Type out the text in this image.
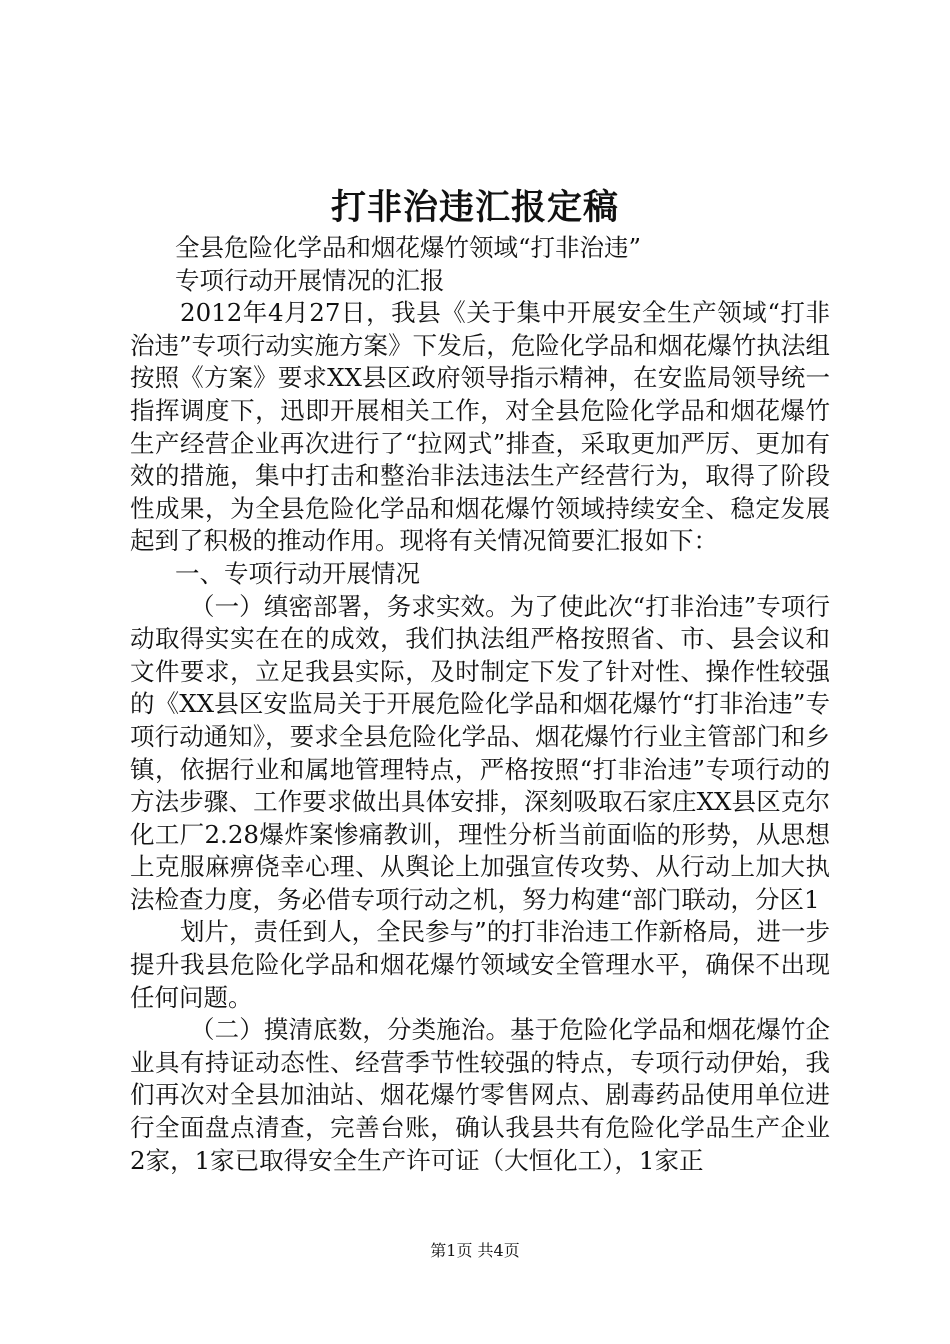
打非治违汇报定稿

全县危险化学品和烟花爆竹领域“打非治违”

专项行动开展情况的汇报

2012年4月27日，我县《关于集中开展安全生产领域“打非治违”专项行动实施方案》下发后，危险化学品和烟花爆竹执法组按照《方案》要求XX县区政府领导指示精神，在安监局领导统一指挥调度下，迅即开展相关工作，对全县危险化学品和烟花爆竹生产经营企业再次进行了“拉网式”排查，采取更加严厉、更加有效的措施，集中打击和整治非法违法生产经营行为，取得了阶段性成果，为全县危险化学品和烟花爆竹领域持续安全、稳定发展起到了积极的推动作用。现将有关情况简要汇报如下：

一、专项行动开展情况

（一）缜密部署，务求实效。为了使此次“打非治违”专项行动取得实实在在的成效，我们执法组严格按照省、市、县会议和文件要求，立足我县实际，及时制定下发了针对性、操作性较强的《XX县区安监局关于开展危险化学品和烟花爆竹“打非治违”专项行动通知》，要求全县危险化学品、烟花爆竹行业主管部门和乡镇，依据行业和属地管理特点，严格按照“打非治违”专项行动的方法步骤、工作要求做出具体安排，深刻吸取石家庄XX县区克尔化工厂2.28爆炸案惨痛教训，理性分析当前面临的形势，从思想上克服麻痹侥幸心理、从舆论上加强宣传攻势、从行动上加大执法检查力度，务必借专项行动之机，努力构建“部门联动，分区1

划片，责任到人，全民参与”的打非治违工作新格局，进一步提升我县危险化学品和烟花爆竹领域安全管理水平，确保不出现任何问题。

（二）摸清底数，分类施治。基于危险化学品和烟花爆竹企业具有持证动态性、经营季节性较强的特点，专项行动伊始，我们再次对全县加油站、烟花爆竹零售网点、剧毒药品使用单位进行全面盘点清查，完善台账，确认我县共有危险化学品生产企业2家，1家已取得安全生产许可证（大恒化工），1家正

第1页 共4页
